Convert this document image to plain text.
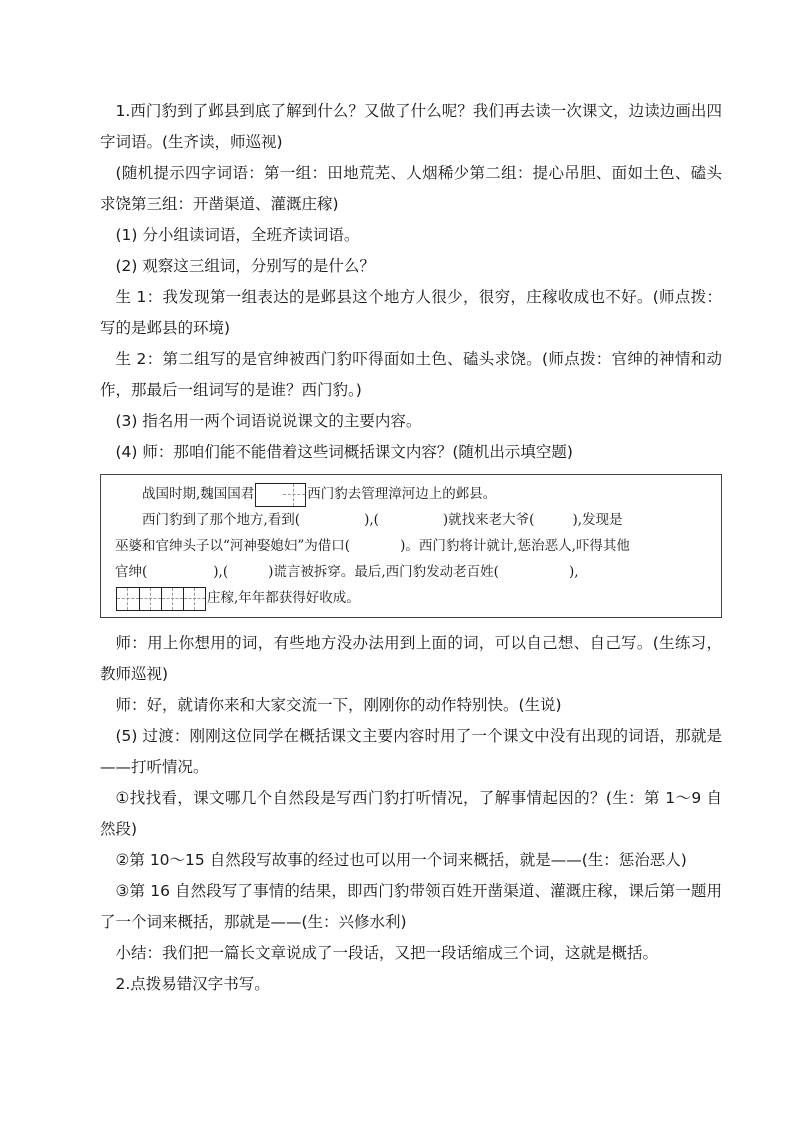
1.西门豹到了邺县到底了解到什么？又做了什么呢？我们再去读一次课文，边读边画出四字词语。(生齐读，师巡视)

(随机提示四字词语：第一组：田地荒芜、人烟稀少第二组：提心吊胆、面如土色、磕头求饶第三组：开凿渠道、灌溉庄稼)

(1) 分小组读词语，全班齐读词语。

(2) 观察这三组词，分别写的是什么？

生 1：我发现第一组表达的是邺县这个地方人很少，很穷，庄稼收成也不好。(师点拨：写的是邺县的环境)

生 2：第二组写的是官绅被西门豹吓得面如土色、磕头求饶。(师点拨：官绅的神情和动作，那最后一组词写的是谁？西门豹。)

(3) 指名用一两个词语说说课文的主要内容。

(4) 师：那咱们能不能借着这些词概括课文内容？(随机出示填空题)

战国时期,魏国国君	西门豹去管理漳河边上的邺县。

西门豹到了那个地方,看到(	),(	)就找来老大爷(	),发现是

巫婆和官绅头子以“河神娶媳妇”为借口(	)。西门豹将计就计,惩治恶人,吓得其他

官绅(	),(	)谎言被拆穿。最后,西门豹发动老百姓(	),

庄稼,年年都获得好收成。

师：用上你想用的词，有些地方没办法用到上面的词，可以自己想、自己写。(生练习，教师巡视)

师：好，就请你来和大家交流一下，刚刚你的动作特别快。(生说)

(5) 过渡：刚刚这位同学在概括课文主要内容时用了一个课文中没有出现的词语，那就是——打听情况。

①找找看，课文哪几个自然段是写西门豹打听情况，了解事情起因的？(生：第 1～9 自然段)

②第 10～15 自然段写故事的经过也可以用一个词来概括，就是——(生：惩治恶人)

③第 16 自然段写了事情的结果，即西门豹带领百姓开凿渠道、灌溉庄稼，课后第一题用了一个词来概括，那就是——(生：兴修水利)

小结：我们把一篇长文章说成了一段话，又把一段话缩成三个词，这就是概括。

2.点拨易错汉字书写。
